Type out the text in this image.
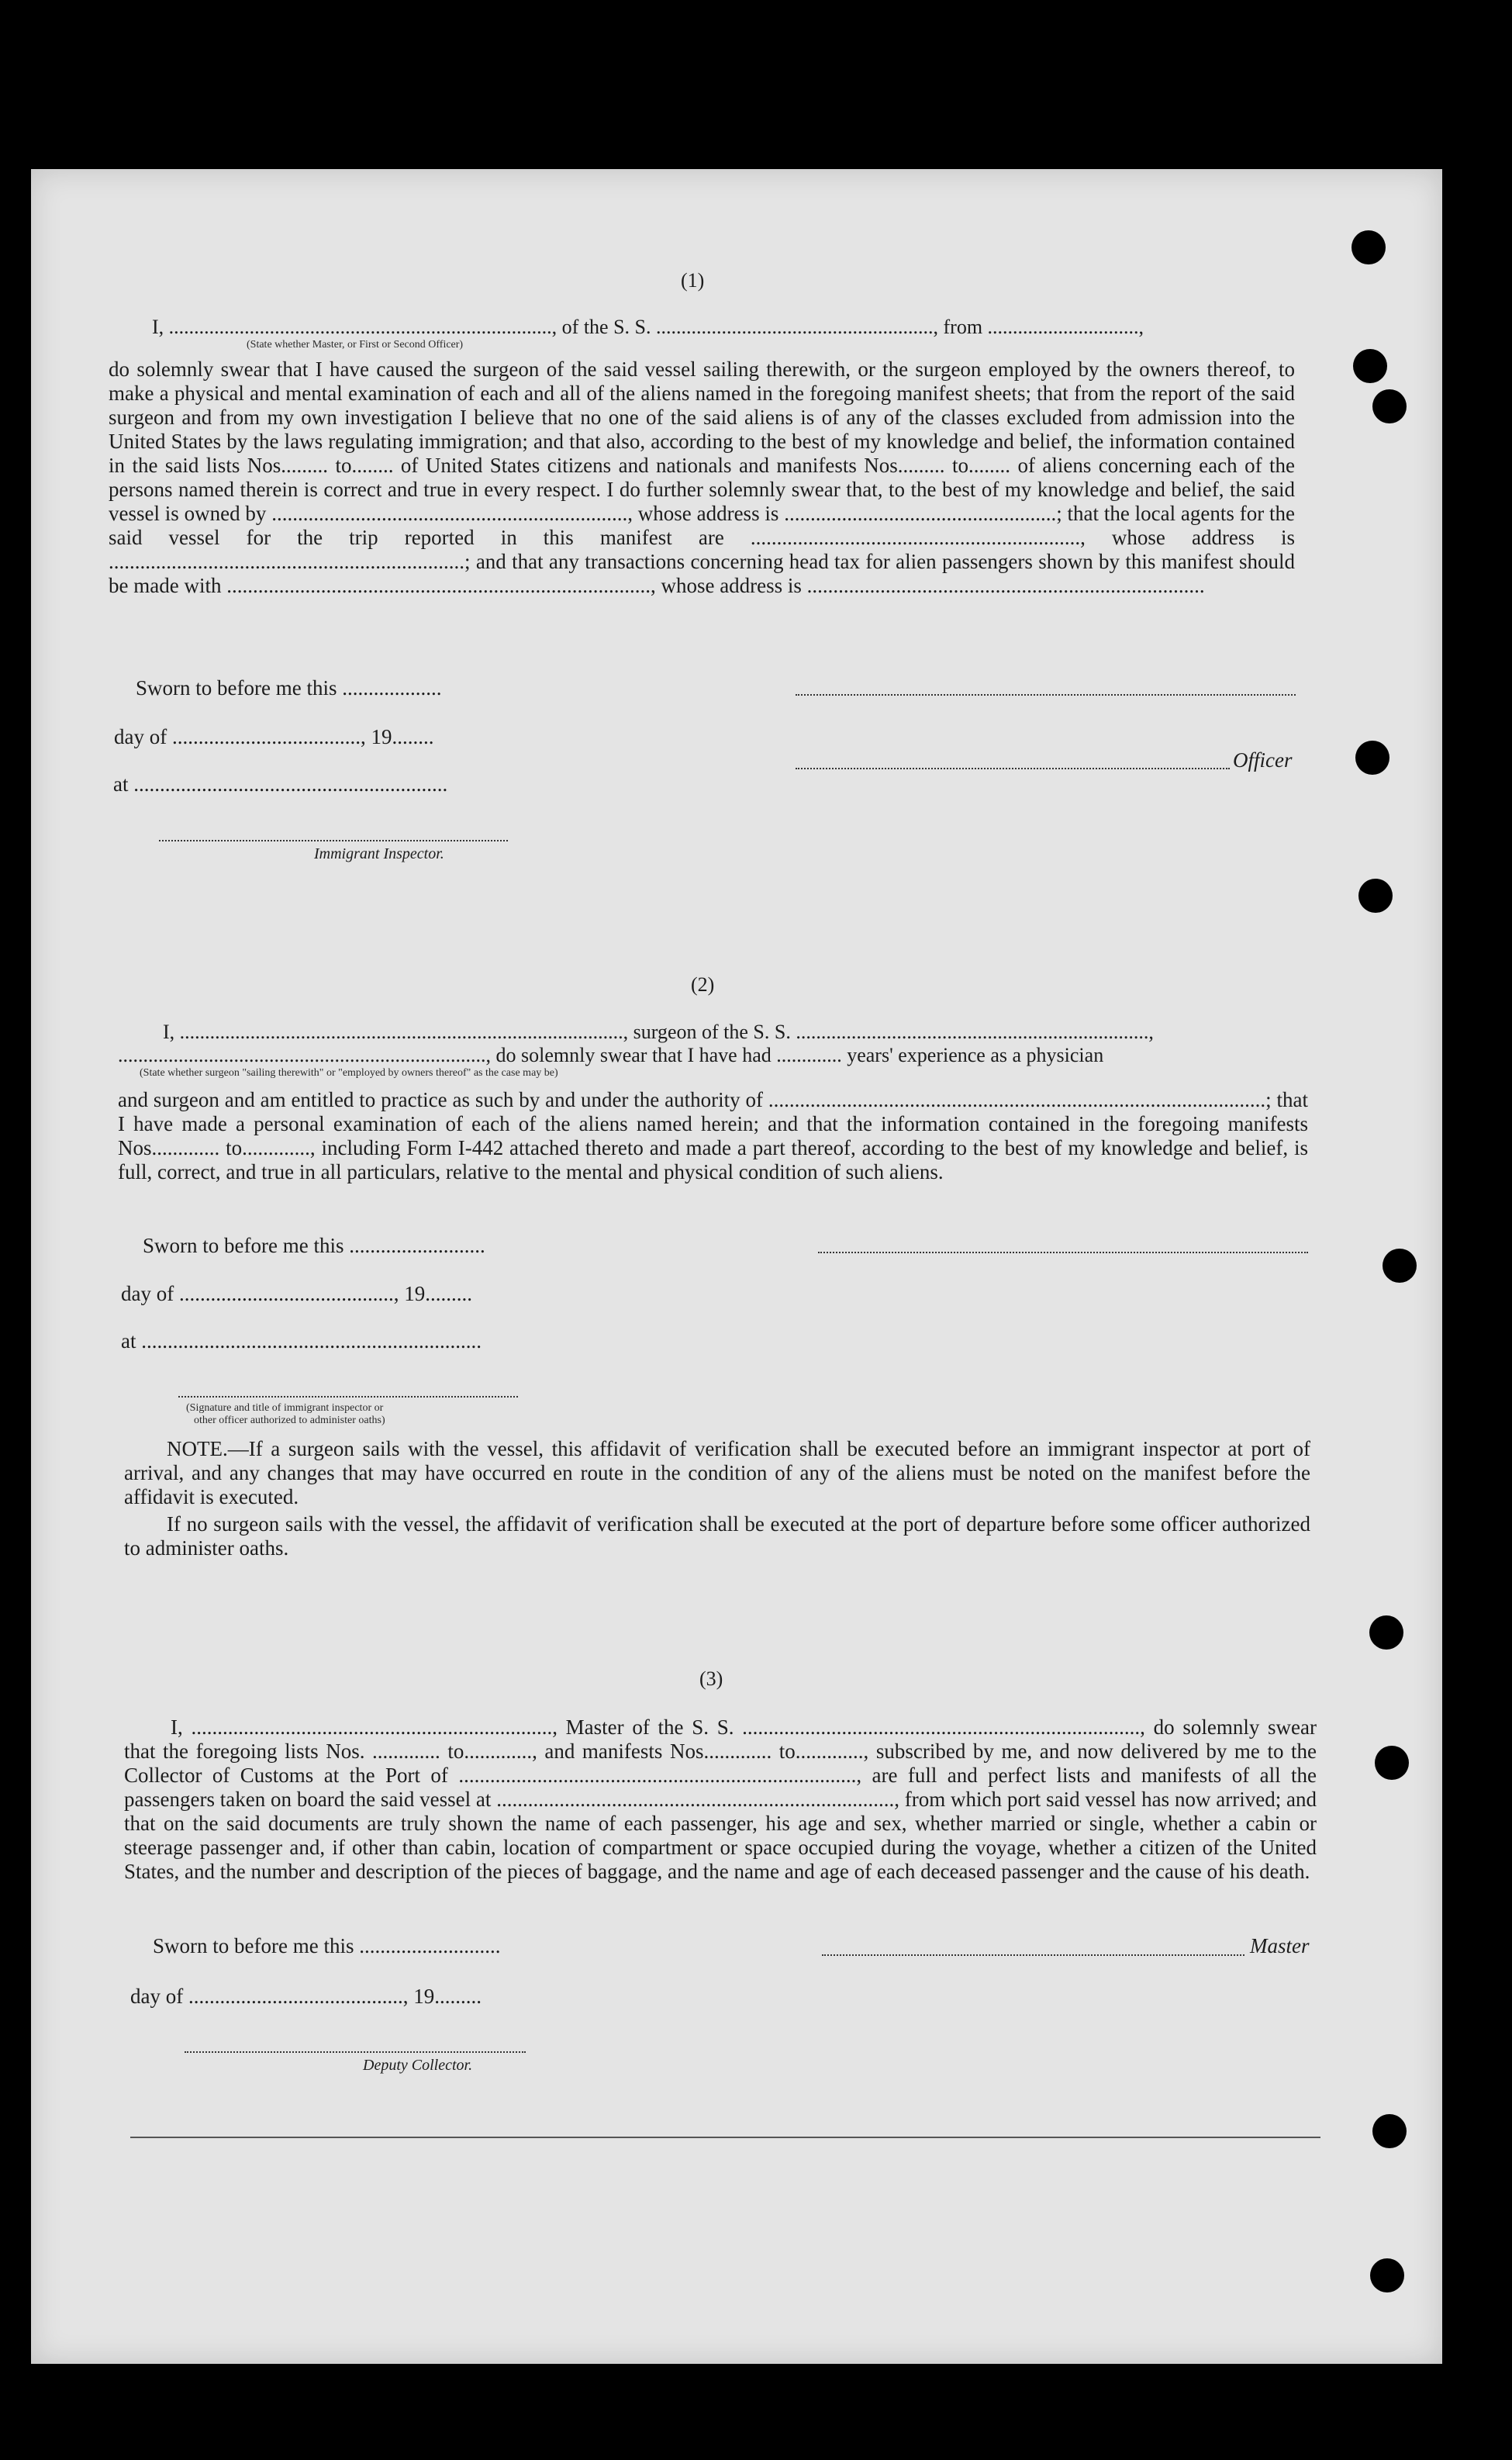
(1)
I, ............................................................................, of the S. S. ......................................................., from ..............................,
(State whether Master, or First or Second Officer)
do solemnly swear that I have caused the surgeon of the said vessel sailing therewith, or the surgeon employed by the owners thereof, to make a physical and mental examination of each and all of the aliens named in the foregoing manifest sheets; that from the report of the said surgeon and from my own investigation I believe that no one of the said aliens is of any of the classes excluded from admission into the United States by the laws regulating immigration; and that also, according to the best of my knowledge and belief, the information contained in the said lists Nos......... to........ of United States citizens and nationals and manifests Nos......... to........ of aliens concerning each of the persons named therein is correct and true in every respect. I do further solemnly swear that, to the best of my knowledge and belief, the said vessel is owned by ...................................................................., whose address is ....................................................; that the local agents for the said vessel for the trip reported in this manifest are ..............................................................., whose address is ....................................................................; and that any transactions concerning head tax for alien passengers shown by this manifest should be made with ................................................................................., whose address is ............................................................................
Sworn to before me this ...................
day of ...................................., 19........
Officer
at ............................................................
Immigrant Inspector.
(2)
I, ........................................................................................, surgeon of the S. S. ......................................................................,
........................................................................., do solemnly swear that I have had ............. years' experience as a physician
(State whether surgeon "sailing therewith" or "employed by owners thereof" as the case may be)
and surgeon and am entitled to practice as such by and under the authority of ...............................................................................................; that I have made a personal examination of each of the aliens named herein; and that the information contained in the foregoing manifests Nos............. to............., including Form I-442 attached thereto and made a part thereof, according to the best of my knowledge and belief, is full, correct, and true in all particulars, relative to the mental and physical condition of such aliens.
Sworn to before me this ..........................
day of ........................................., 19.........
at .................................................................
(Signature and title of immigrant inspector or
other officer authorized to administer oaths)
NOTE.—If a surgeon sails with the vessel, this affidavit of verification shall be executed before an immigrant inspector at port of arrival, and any changes that may have occurred en route in the condition of any of the aliens must be noted on the manifest before the affidavit is executed.
If no surgeon sails with the vessel, the affidavit of verification shall be executed at the port of departure before some officer authorized to administer oaths.
(3)
I, ....................................................................., Master of the S. S. ............................................................................, do solemnly swear that the foregoing lists Nos. ............. to............., and manifests Nos............. to............., subscribed by me, and now delivered by me to the Collector of Customs at the Port of ............................................................................, are full and perfect lists and manifests of all the passengers taken on board the said vessel at ............................................................................, from which port said vessel has now arrived; and that on the said documents are truly shown the name of each passenger, his age and sex, whether married or single, whether a cabin or steerage passenger and, if other than cabin, location of compartment or space occupied during the voyage, whether a citizen of the United States, and the number and description of the pieces of baggage, and the name and age of each deceased passenger and the cause of his death.
Sworn to before me this ...........................	Master
day of ........................................., 19.........
Deputy Collector.
